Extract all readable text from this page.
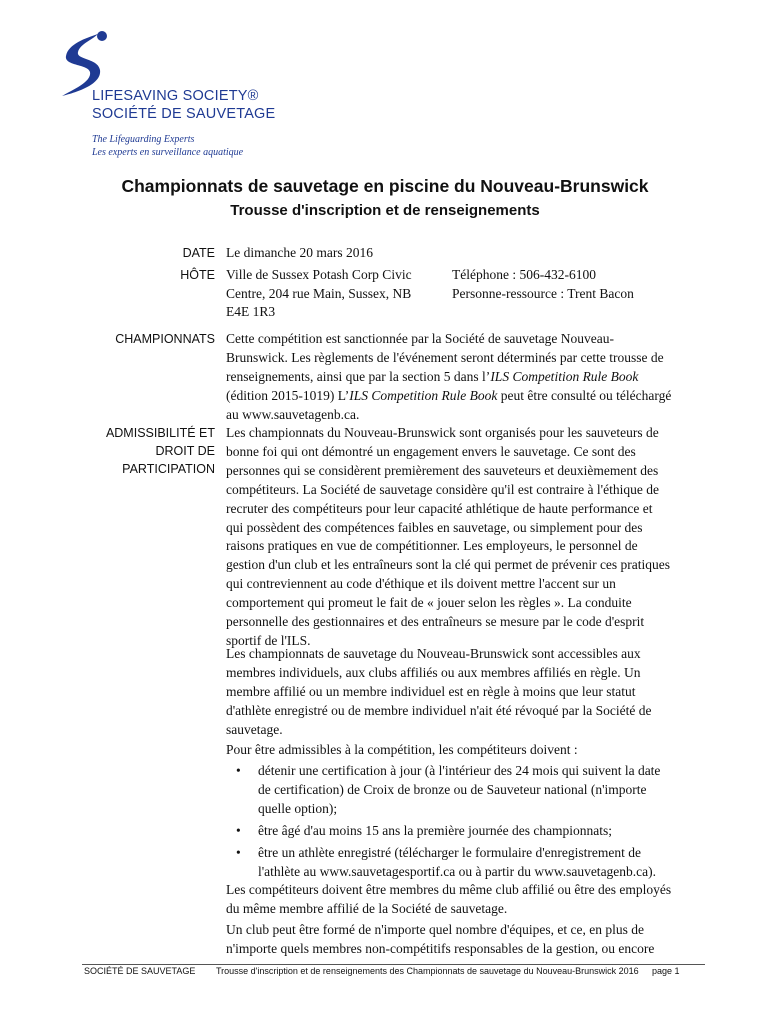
LIFESAVING SOCIETY®
SOCIÉTÉ DE SAUVETAGE
The Lifeguarding Experts
Les experts en surveillance aquatique
Championnats de sauvetage en piscine du Nouveau-Brunswick
Trousse d'inscription et de renseignements
DATE Le dimanche 20 mars 2016
HÔTE Ville de Sussex Potash Corp Civic
Centre, 204 rue Main, Sussex, NB
E4E 1R3
Téléphone : 506-432-6100
Personne-ressource : Trent Bacon
CHAMPIONNATS Cette compétition est sanctionnée par la Société de sauvetage Nouveau-Brunswick. Les règlements de l'événement seront déterminés par cette trousse de renseignements, ainsi que par la section 5 dans l’ILS Competition Rule Book (édition 2015-1019) L’ILS Competition Rule Book peut être consulté ou téléchargé au www.sauvetagenb.ca.

ADMISSIBILITÉ ET
DROIT DE
PARTICIPATION

Les championnats du Nouveau-Brunswick sont organisés pour les sauveteurs de bonne foi qui ont démontré un engagement envers le sauvetage. Ce sont des personnes qui se considèrent premièrement des sauveteurs et deuxièmement des compétiteurs. La Société de sauvetage considère qu'il est contraire à l'éthique de recruter des compétiteurs pour leur capacité athlétique de haute performance et qui possèdent des compétences faibles en sauvetage, ou simplement pour des raisons pratiques en vue de compétitionner. Les employeurs, le personnel de gestion d'un club et les entraîneurs sont la clé qui permet de prévenir ces pratiques qui contreviennent au code d'éthique et ils doivent mettre l'accent sur un comportement qui promeut le fait de « jouer selon les règles ». La conduite personnelle des gestionnaires et des entraîneurs se mesure par le code d'esprit sportif de l'ILS.

Les championnats de sauvetage du Nouveau-Brunswick sont accessibles aux membres individuels, aux clubs affiliés ou aux membres affiliés en règle. Un membre affilié ou un membre individuel est en règle à moins que leur statut d'athlète enregistré ou de membre individuel n'ait été révoqué par la Société de sauvetage.

Pour être admissibles à la compétition, les compétiteurs doivent :

• détenir une certification à jour (à l'intérieur des 24 mois qui suivent la date de certification) de Croix de bronze ou de Sauveteur national (n'importe quelle option);
• être âgé d'au moins 15 ans la première journée des championnats;
• être un athlète enregistré (télécharger le formulaire d'enregistrement de l'athlète au www.sauvetagesportif.ca ou à partir du www.sauvetagenb.ca).

Les compétiteurs doivent être membres du même club affilié ou être des employés du même membre affilié de la Société de sauvetage.

Un club peut être formé de n'importe quel nombre d'équipes, et ce, en plus de n'importe quels membres non-compétitifs responsables de la gestion, ou encore

SOCIÉTÉ DE SAUVETAGE Trousse d'inscription et de renseignements des Championnats de sauvetage du Nouveau-Brunswick 2016 page 1
